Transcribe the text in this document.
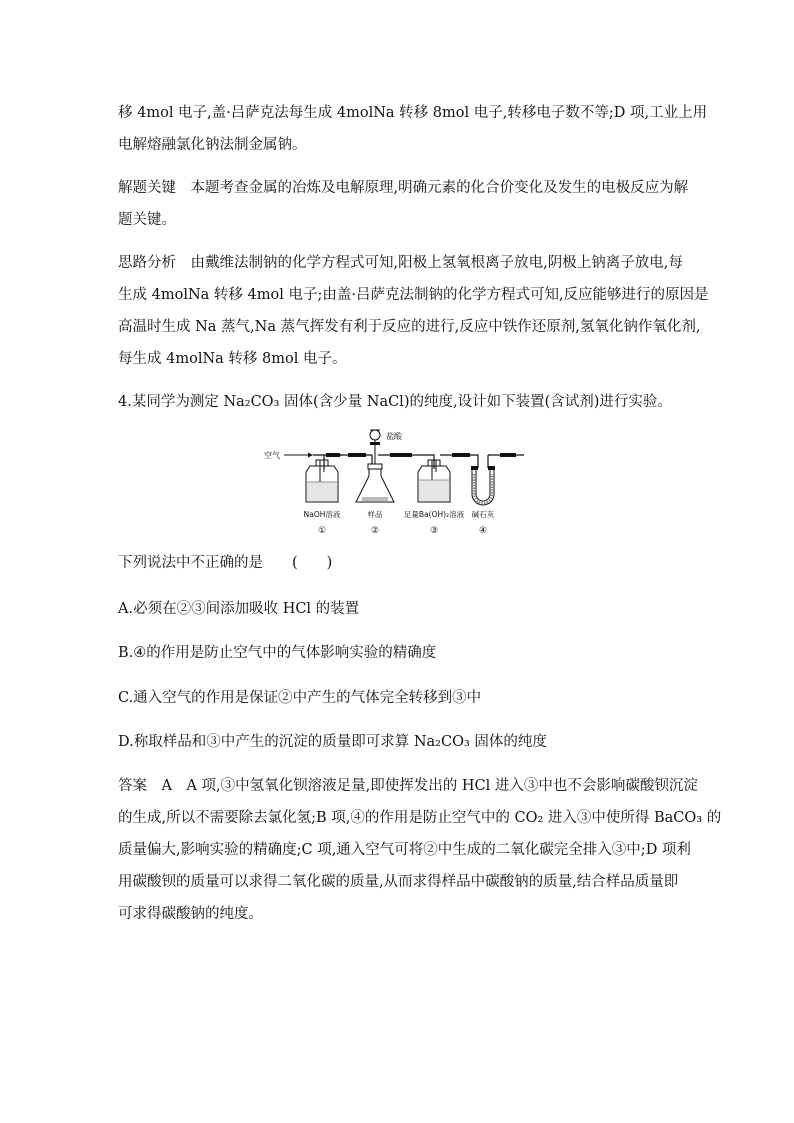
移 4mol 电子,盖·吕萨克法每生成 4molNa 转移 8mol 电子,转移电子数不等;D 项,工业上用
电解熔融氯化钠法制金属钠。
解题关键　本题考查金属的冶炼及电解原理,明确元素的化合价变化及发生的电极反应为解
题关键。
思路分析　由戴维法制钠的化学方程式可知,阳极上氢氧根离子放电,阴极上钠离子放电,每
生成 4molNa 转移 4mol 电子;由盖·吕萨克法制钠的化学方程式可知,反应能够进行的原因是
高温时生成 Na 蒸气,Na 蒸气挥发有利于反应的进行,反应中铁作还原剂,氢氧化钠作氧化剂,
每生成 4molNa 转移 8mol 电子。
4.某同学为测定 Na₂CO₃ 固体(含少量 NaCl)的纯度,设计如下装置(含试剂)进行实验。
空气
盐酸
NaOH溶液	样品	足量Ba(OH)₂溶液 碱石灰
①	②	③	④
下列说法中不正确的是　　(　　)
A.必须在②③间添加吸收 HCl 的装置
B.④的作用是防止空气中的气体影响实验的精确度
C.通入空气的作用是保证②中产生的气体完全转移到③中
D.称取样品和③中产生的沉淀的质量即可求算 Na₂CO₃ 固体的纯度
答案　A　A 项,③中氢氧化钡溶液足量,即使挥发出的 HCl 进入③中也不会影响碳酸钡沉淀
的生成,所以不需要除去氯化氢;B 项,④的作用是防止空气中的 CO₂ 进入③中使所得 BaCO₃ 的
质量偏大,影响实验的精确度;C 项,通入空气可将②中生成的二氧化碳完全排入③中;D 项利
用碳酸钡的质量可以求得二氧化碳的质量,从而求得样品中碳酸钠的质量,结合样品质量即
可求得碳酸钠的纯度。
